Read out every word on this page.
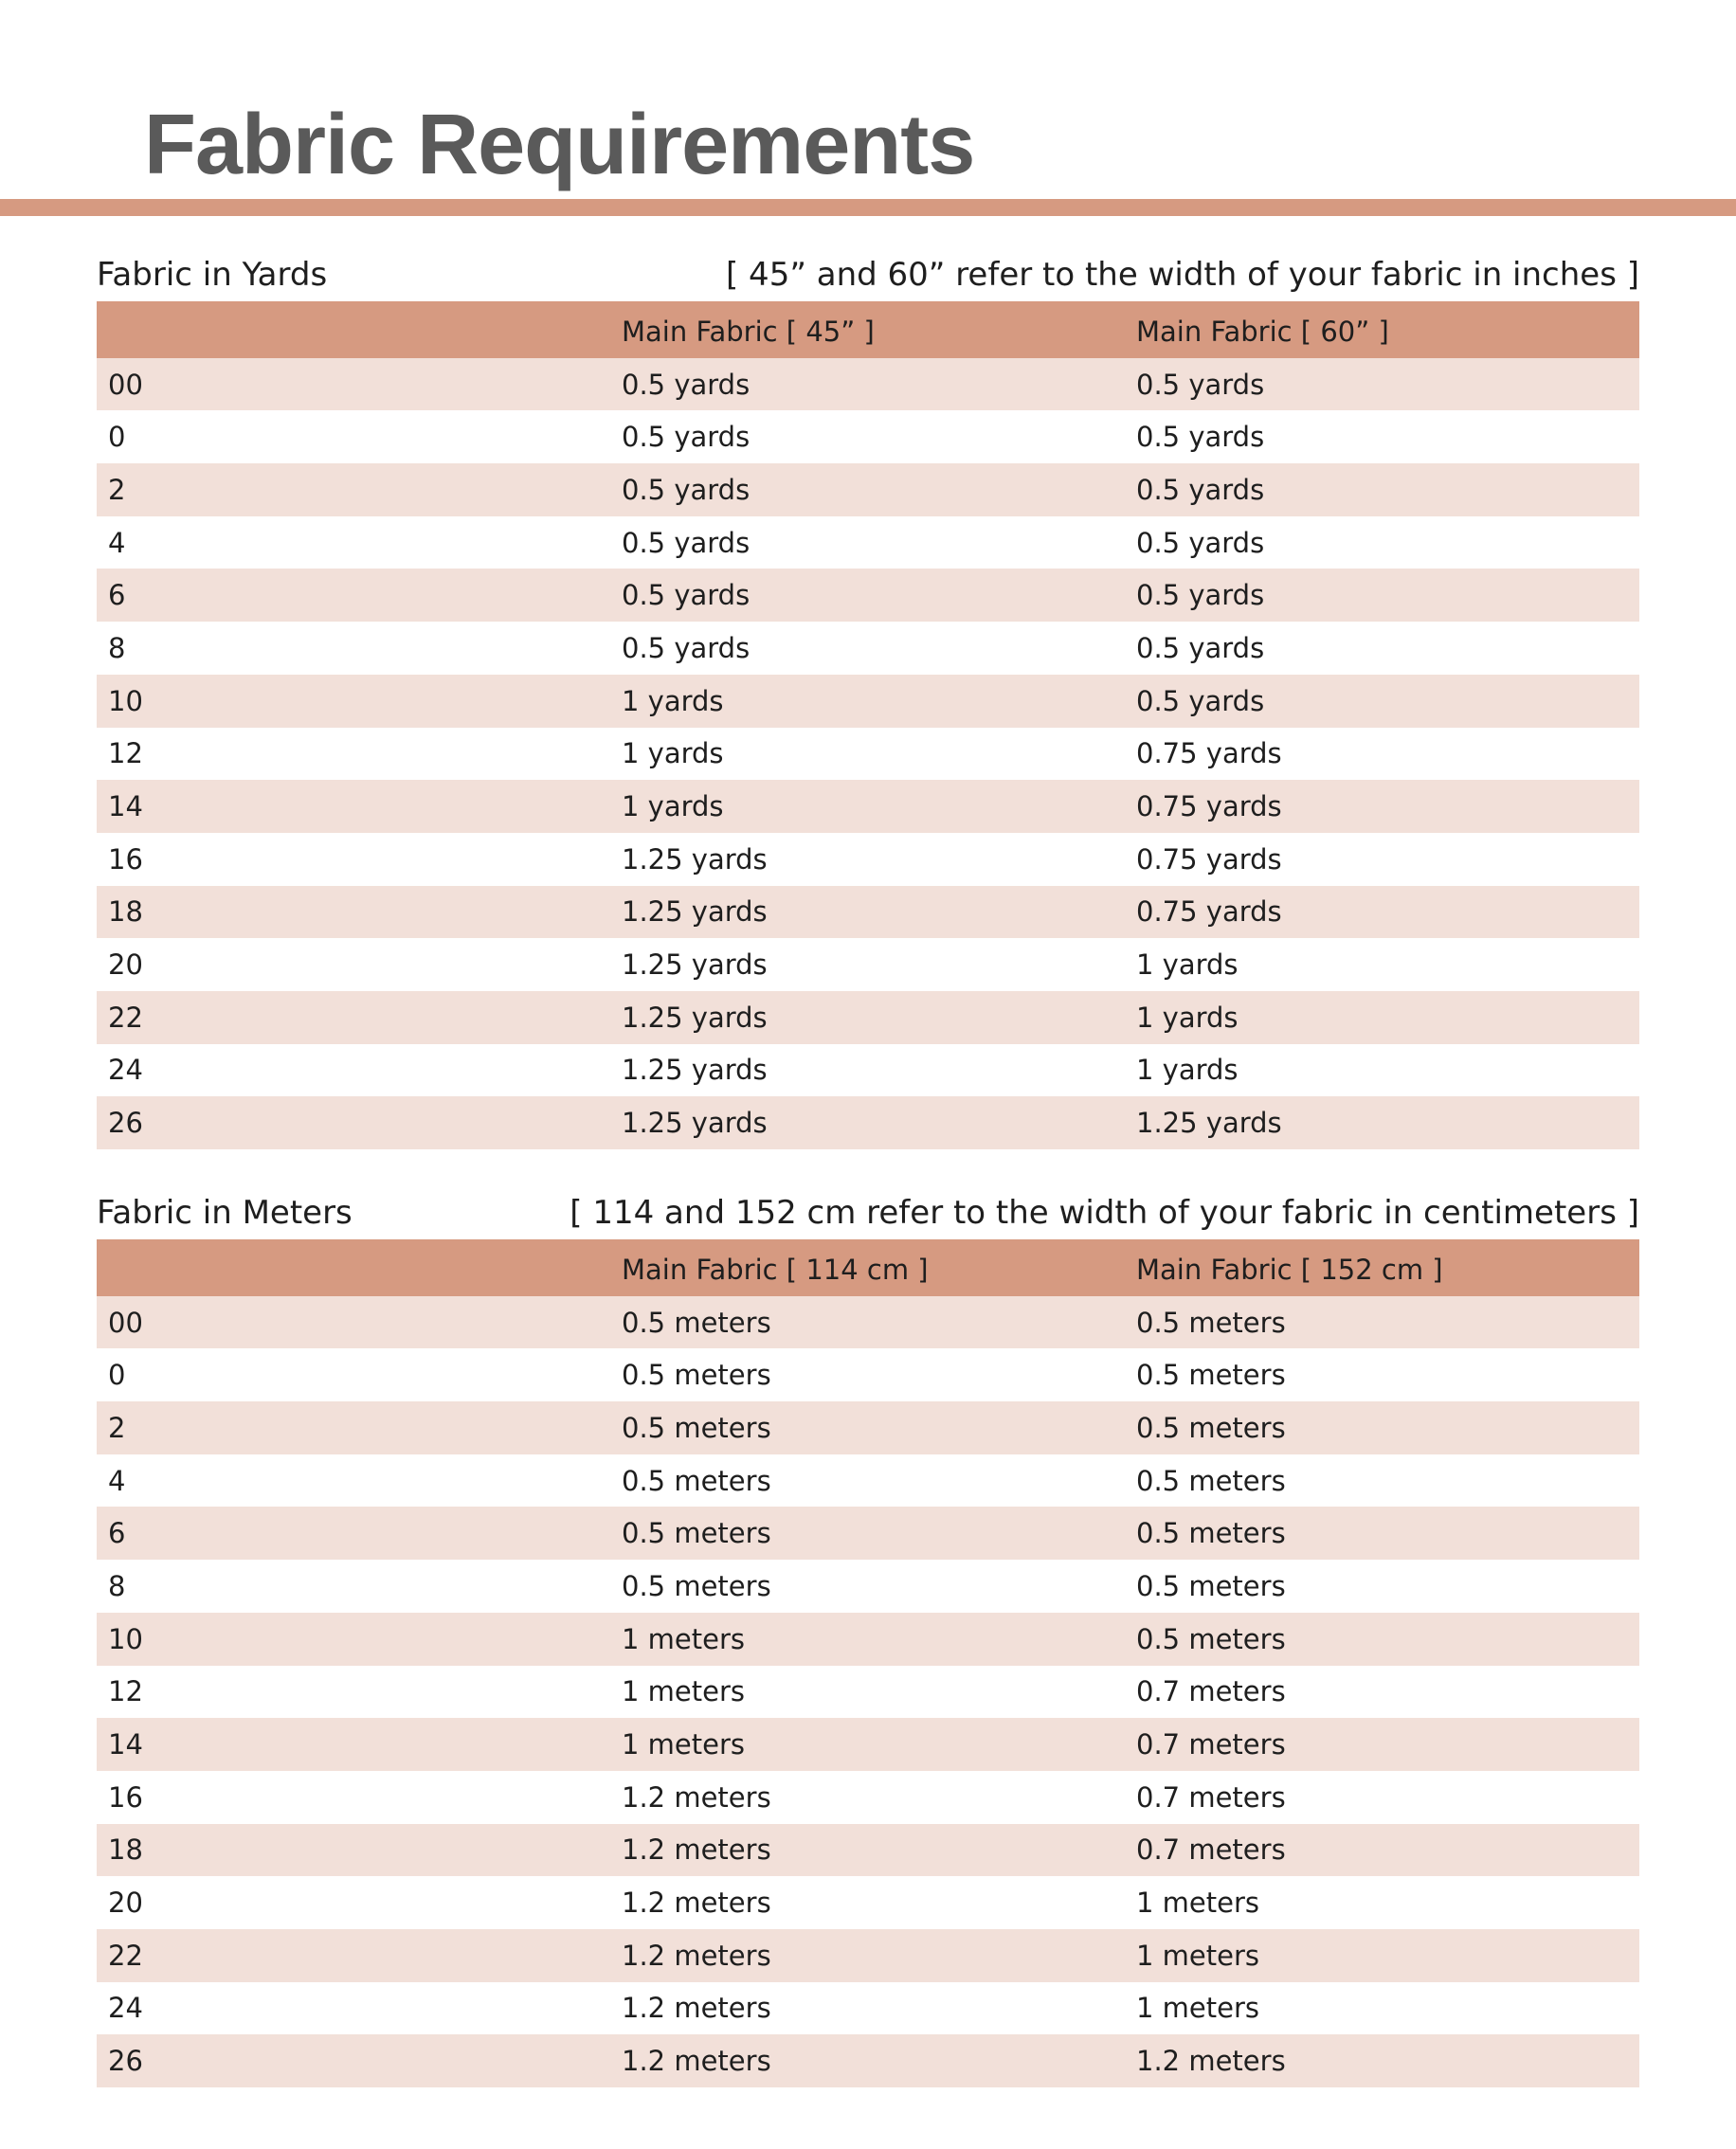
Fabric Requirements
Fabric in Yards	[ 45” and 60” refer to the width of your fabric in inches ]
	Main Fabric [ 45” ]	Main Fabric [ 60” ]
00	0.5 yards	0.5 yards
0	0.5 yards	0.5 yards
2	0.5 yards	0.5 yards
4	0.5 yards	0.5 yards
6	0.5 yards	0.5 yards
8	0.5 yards	0.5 yards
10	1 yards	0.5 yards
12	1 yards	0.75 yards
14	1 yards	0.75 yards
16	1.25 yards	0.75 yards
18	1.25 yards	0.75 yards
20	1.25 yards	1 yards
22	1.25 yards	1 yards
24	1.25 yards	1 yards
26	1.25 yards	1.25 yards
Fabric in Meters	[ 114 and 152 cm refer to the width of your fabric in centimeters ]
	Main Fabric [ 114 cm ]	Main Fabric [ 152 cm ]
00	0.5 meters	0.5 meters
0	0.5 meters	0.5 meters
2	0.5 meters	0.5 meters
4	0.5 meters	0.5 meters
6	0.5 meters	0.5 meters
8	0.5 meters	0.5 meters
10	1 meters	0.5 meters
12	1 meters	0.7 meters
14	1 meters	0.7 meters
16	1.2 meters	0.7 meters
18	1.2 meters	0.7 meters
20	1.2 meters	1 meters
22	1.2 meters	1 meters
24	1.2 meters	1 meters
26	1.2 meters	1.2 meters
